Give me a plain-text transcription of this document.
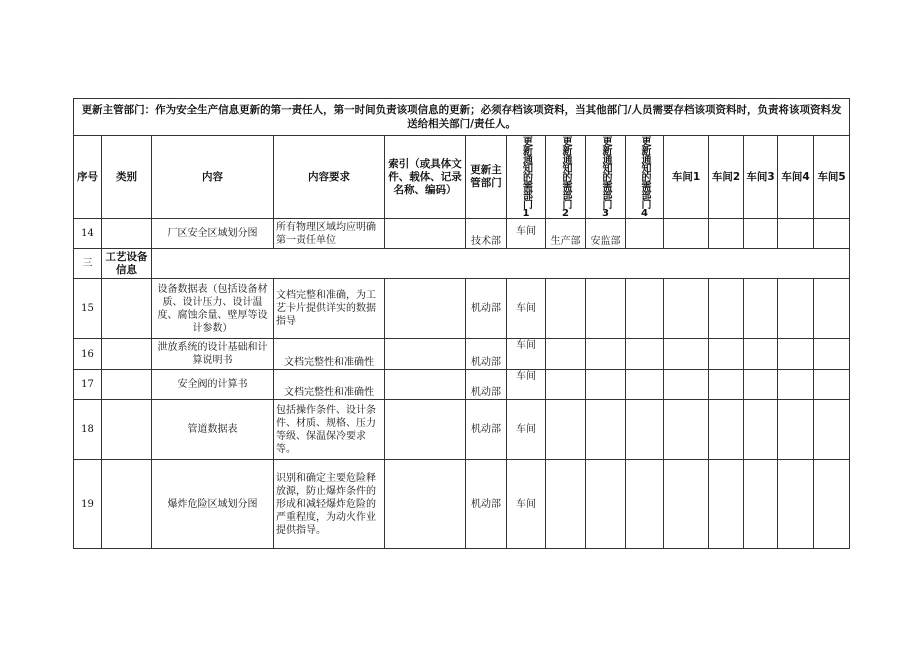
更新主管部门：作为安全生产信息更新的第一责任人，第一时间负责该项信息的更新；必须存档该项资料，当其他部门/人员需要存档该项资料时，负责将该项资料发送给相关部门/责任人。														
序号	类别	内容	内容要求	索引（或具体文件、载体、记录名称、编码）	更新主管部门	更新通知的需部门1	更新通知的需部门2	更新通知的需部门3	更新通知的需部门4	车间1	车间2	车间3	车间4	车间5
14		厂区安全区域划分图	所有物理区域均应明确第一责任单位		技术部	车间	生产部	安监部						
三	工艺设备信息													
15		设备数据表（包括设备材质、设计压力、设计温度、腐蚀余量、壁厚等设计参数）	文档完整和准确，为工艺卡片提供详实的数据指导		机动部	车间								
16		泄放系统的设计基础和计算说明书	文档完整性和准确性		机动部	车间								
17		安全阀的计算书	文档完整性和准确性		机动部	车间								
18		管道数据表	包括操作条件、设计条件、材质、规格、压力等级、保温保冷要求等。		机动部	车间								
19		爆炸危险区域划分图	识别和确定主要危险释放源，防止爆炸条件的形成和减轻爆炸危险的严重程度，为动火作业提供指导。		机动部	车间								
